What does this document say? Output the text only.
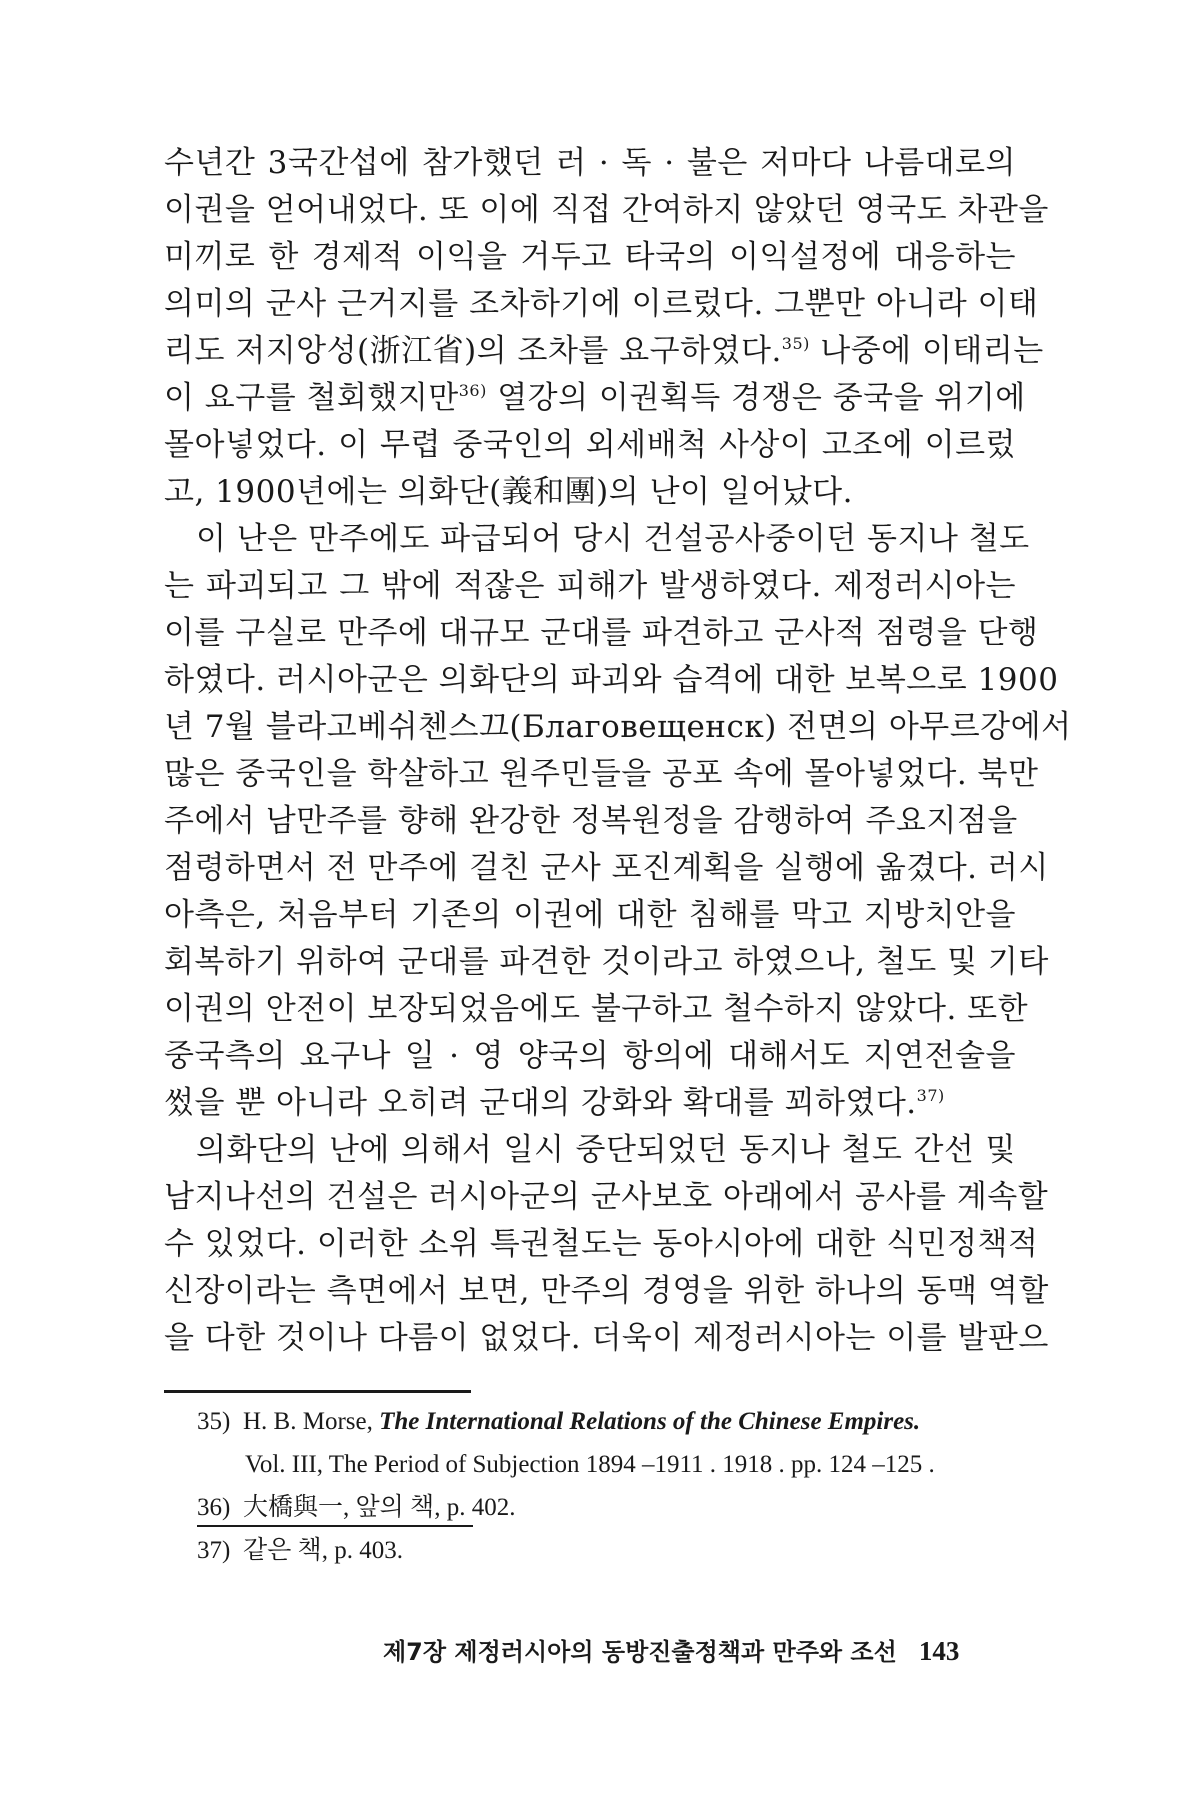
수년간 3국간섭에 참가했던 러 · 독 · 불은 저마다 나름대로의
이권을 얻어내었다. 또 이에 직접 간여하지 않았던 영국도 차관을
미끼로 한 경제적 이익을 거두고 타국의 이익설정에 대응하는
의미의 군사 근거지를 조차하기에 이르렀다. 그뿐만 아니라 이태
리도 저지앙성(浙江省)의 조차를 요구하였다.$^{35)}$ 나중에 이태리는
이 요구를 철회했지만$^{36)}$ 열강의 이권획득 경쟁은 중국을 위기에
몰아넣었다. 이 무렵 중국인의 외세배척 사상이 고조에 이르렀
고, 1900년에는 의화단(義和團)의 난이 일어났다.
이 난은 만주에도 파급되어 당시 건설공사중이던 동지나 철도
는 파괴되고 그 밖에 적잖은 피해가 발생하였다. 제정러시아는
이를 구실로 만주에 대규모 군대를 파견하고 군사적 점령을 단행
하였다. 러시아군은 의화단의 파괴와 습격에 대한 보복으로 1900
년 7월 블라고베쉬첸스끄(Благовещенск) 전면의 아무르강에서
많은 중국인을 학살하고 원주민들을 공포 속에 몰아넣었다. 북만
주에서 남만주를 향해 완강한 정복원정을 감행하여 주요지점을
점령하면서 전 만주에 걸친 군사 포진계획을 실행에 옮겼다. 러시
아측은, 처음부터 기존의 이권에 대한 침해를 막고 지방치안을
회복하기 위하여 군대를 파견한 것이라고 하였으나, 철도 및 기타
이권의 안전이 보장되었음에도 불구하고 철수하지 않았다. 또한
중국측의 요구나 일 · 영 양국의 항의에 대해서도 지연전술을
썼을 뿐 아니라 오히려 군대의 강화와 확대를 꾀하였다.$^{37)}$
의화단의 난에 의해서 일시 중단되었던 동지나 철도 간선 및
남지나선의 건설은 러시아군의 군사보호 아래에서 공사를 계속할
수 있었다. 이러한 소위 특권철도는 동아시아에 대한 식민정책적
신장이라는 측면에서 보면, 만주의 경영을 위한 하나의 동맥 역할
을 다한 것이나 다름이 없었다. 더욱이 제정러시아는 이를 발판으
35) H. B. Morse, The International Relations of the Chinese Empires.
Vol. III, The Period of Subjection 1894 –1911 . 1918 . pp. 124 –125 .
36) 大橋與一, 앞의 책, p. 402.
37) 같은 책, p. 403.
제7장 제정러시아의 동방진출정책과 만주와 조선 143
